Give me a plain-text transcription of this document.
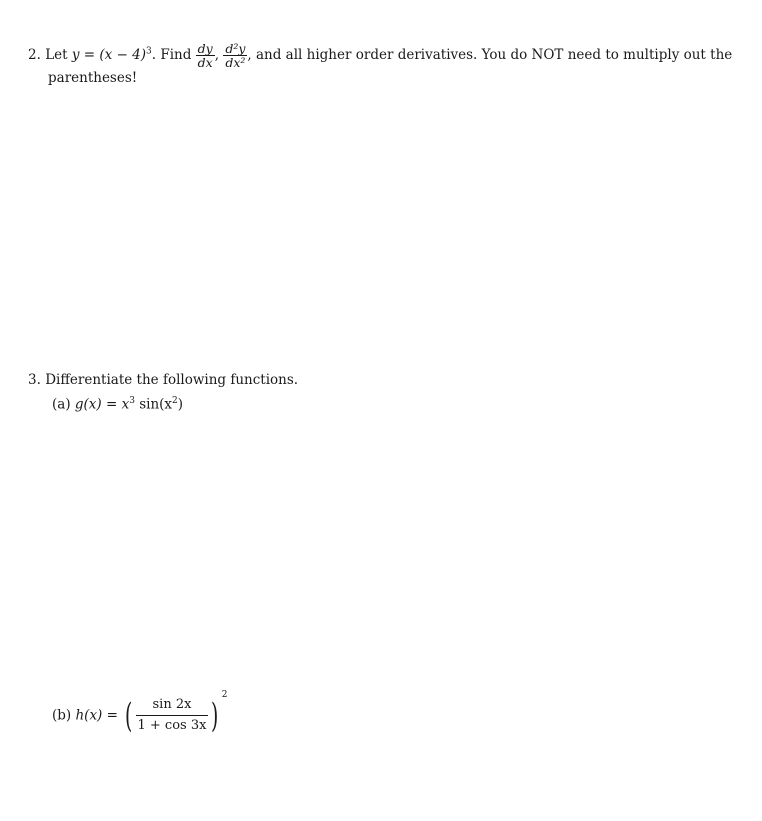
2. Let $y = (x - 4)^3$. Find $\frac{dy}{dx}$ , $\frac{\text{d²y}}{\text{dx²}}$ , and all higher order derivatives. You do NOT need to multiply out the
parentheses!
3. Differentiate the following functions.
(a) $g(x) = x^3$ $\sin(x^2)$
(b) h(x) = ( $\frac{\sin 2x}{1 + \cos 3x} )^2$
